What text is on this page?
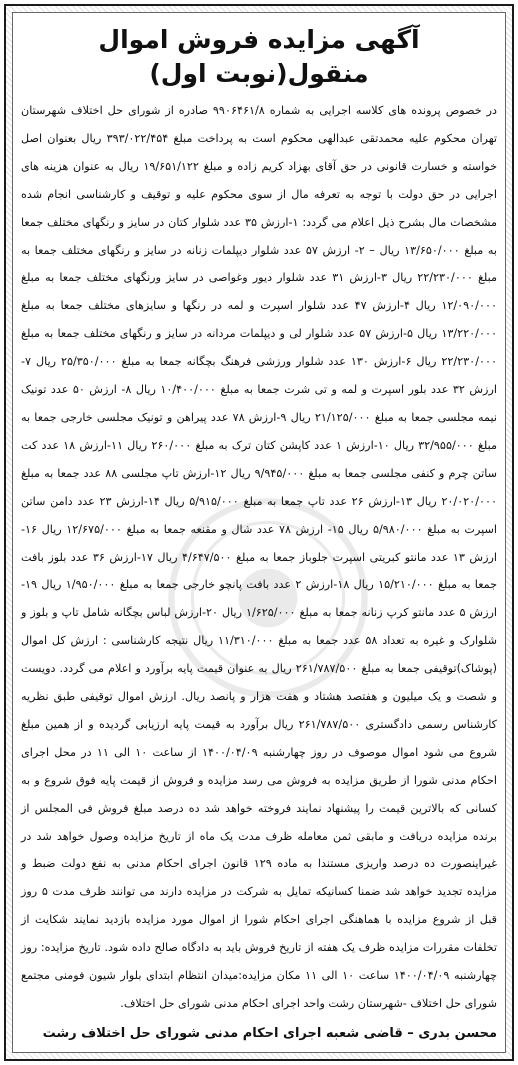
آگهی مزایده فروش اموال منقول(نوبت اول)

در خصوص پرونده های کلاسه اجرایی به شماره ۹۹۰۶۴۶۱/۸ صادره از شورای حل اختلاف شهرستان تهران محکوم علیه محمدتقی عبدالهی محکوم است به پرداخت مبلغ ۳۹۳/۰۲۲/۴۵۴ ریال بعنوان اصل خواسته و خسارت قانونی در حق آقای بهزاد کریم زاده و مبلغ ۱۹/۶۵۱/۱۲۲ ریال به عنوان هزینه های اجرایی در حق دولت با توجه به تعرفه مال از سوی محکوم علیه و توقیف و کارشناسی انجام شده مشخصات مال بشرح ذیل اعلام می گردد: ۱-ارزش ۳۵ عدد شلوار کتان در سایز و رنگهای مختلف جمعا به مبلغ ۱۳/۶۵۰/۰۰۰ ریال – ۲- ارزش ۵۷ عدد شلوار دیپلمات زنانه در سایز و رنگهای مختلف جمعا به مبلغ ۲۲/۲۳۰/۰۰۰ ریال ۳-ارزش ۳۱ عدد شلوار دیور وغواصی در سایز ورنگهای مختلف جمعا به مبلغ ۱۲/۰۹۰/۰۰۰ ریال ۴-ارزش ۴۷ عدد شلوار اسپرت و لمه در رنگها و سایزهای مختلف جمعا به مبلغ ۱۳/۲۲۰/۰۰۰ ریال ۵-ارزش ۵۷ عدد شلوار لی و دیپلمات مردانه در سایز و رنگهای مختلف جمعا به مبلغ ۲۲/۲۳۰/۰۰۰ ریال ۶-ارزش ۱۳۰ عدد شلوار ورزشی فرهنگ بچگانه جمعا به مبلغ ۲۵/۳۵۰/۰۰۰ ریال ۷-ارزش ۳۲ عدد بلور اسپرت و لمه و تی شرت جمعا به مبلغ ۱۰/۴۰۰/۰۰۰ ریال ۸- ارزش ۵۰ عدد تونیک نیمه مجلسی جمعا به مبلغ ۲۱/۱۲۵/۰۰۰ ریال ۹-ارزش ۷۸ عدد پیراهن و تونیک مجلسی خارجی جمعا به مبلغ ۳۲/۹۵۵/۰۰۰ ریال ۱۰-ارزش ۱ عدد کاپشن کتان ترک به مبلغ ۲۶۰/۰۰۰ ریال ۱۱-ارزش ۱۸ عدد کت ساتن چرم و کنفی مجلسی جمعا به مبلغ ۹/۹۴۵/۰۰۰ ریال ۱۲-ارزش تاپ مجلسی ۸۸ عدد جمعا به مبلغ ۲۰/۰۲۰/۰۰۰ ریال ۱۳-ارزش ۲۶ عدد تاپ جمعا به مبلغ ۵/۹۱۵/۰۰۰ ریال ۱۴-ارزش ۲۳ عدد دامن ساتن اسپرت به مبلغ ۵/۹۸۰/۰۰۰ ریال ۱۵- ارزش ۷۸ عدد شال و مقنعه جمعا به مبلغ ۱۲/۶۷۵/۰۰۰ ریال ۱۶-ارزش ۱۳ عدد مانتو کبریتی اسپرت جلوباز جمعا به مبلغ ۴/۶۴۷/۵۰۰ ریال ۱۷-ارزش ۳۶ عدد بلوز بافت جمعا به مبلغ ۱۵/۲۱۰/۰۰۰ ریال ۱۸-ارزش ۲ عدد بافت پانچو خارجی جمعا به مبلغ ۱/۹۵۰/۰۰۰ ریال ۱۹-ارزش ۵ عدد مانتو کرپ زنانه جمعا به مبلغ ۱/۶۲۵/۰۰۰ ریال ۲۰-ارزش لباس بچگانه شامل تاپ و بلوز و شلوارک و غیره به تعداد ۵۸ عدد جمعا به مبلغ ۱۱/۳۱۰/۰۰۰ ریال نتیجه کارشناسی : ارزش کل اموال (پوشاک)توقیفی جمعا به مبلغ ۲۶۱/۷۸۷/۵۰۰ ریال به عنوان قیمت پایه برآورد و اعلام می گردد. دویست و شصت و یک میلیون و هفتصد هشتاد و هفت هزار و پانصد ریال. ارزش اموال توقیفی طبق نظریه کارشناس رسمی دادگستری ۲۶۱/۷۸۷/۵۰۰ ریال برآورد به قیمت پایه ارزیابی گردیده و از همین مبلغ شروع می شود اموال موصوف در روز چهارشنبه ۱۴۰۰/۰۴/۰۹ از ساعت ۱۰ الی ۱۱ در محل اجرای احکام مدنی شورا از طریق مزایده به فروش می رسد مزایده و فروش از قیمت پایه فوق شروع و به کسانی که بالاترین قیمت را پیشنهاد نمایند فروخته خواهد شد ده درصد مبلغ فروش فی المجلس از برنده مزایده دریافت و مابقی ثمن معامله ظرف مدت یک ماه از تاریخ مزایده وصول خواهد شد در غیراینصورت ده درصد واریزی مستندا به ماده ۱۲۹ قانون اجرای احکام مدنی به نفع دولت ضبط و مزایده تجدید خواهد شد ضمنا کسانیکه تمایل به شرکت در مزایده دارند می توانند ظرف مدت ۵ روز قبل از شروع مزایده با هماهنگی اجرای احکام شورا از اموال مورد مزایده بازدید نمایند شکایت از تخلفات مقررات مزایده ظرف یک هفته از تاریخ فروش باید به دادگاه صالح داده شود. تاریخ مزایده: روز چهارشنبه ۱۴۰۰/۰۴/۰۹ ساعت ۱۰ الی ۱۱ مکان مزایده:میدان انتظام ابتدای بلوار شیون فومنی مجتمع شورای حل اختلاف -شهرستان رشت واحد اجرای احکام مدنی شورای حل اختلاف.

محسن بدری – قاضی شعبه اجرای احکام مدنی شورای حل اختلاف رشت
